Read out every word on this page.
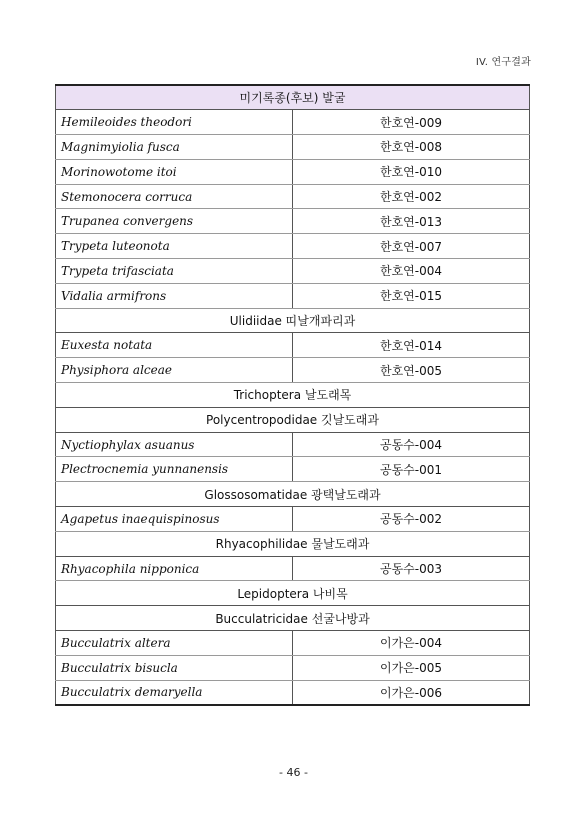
IV. 연구결과
미기록종(후보) 발굴	
Hemileoides theodori	한호연-009
Magnimyiolia fusca	한호연-008
Morinowotome itoi	한호연-010
Stemonocera corruca	한호연-002
Trupanea convergens	한호연-013
Trypeta luteonota	한호연-007
Trypeta trifasciata	한호연-004
Vidalia armifrons	한호연-015
Ulidiidae 띠날개파리과	
Euxesta notata	한호연-014
Physiphora alceae	한호연-005
Trichoptera 날도래목	
Polycentropodidae 깃날도래과	
Nyctiophylax asuanus	공동수-004
Plectrocnemia yunnanensis	공동수-001
Glossosomatidae 광택날도래과	
Agapetus inaequispinosus	공동수-002
Rhyacophilidae 물날도래과	
Rhyacophila nipponica	공동수-003
Lepidoptera 나비목	
Bucculatricidae 선굴나방과	
Bucculatrix altera	이가은-004
Bucculatrix bisucla	이가은-005
Bucculatrix demaryella	이가은-006
- 46 -
